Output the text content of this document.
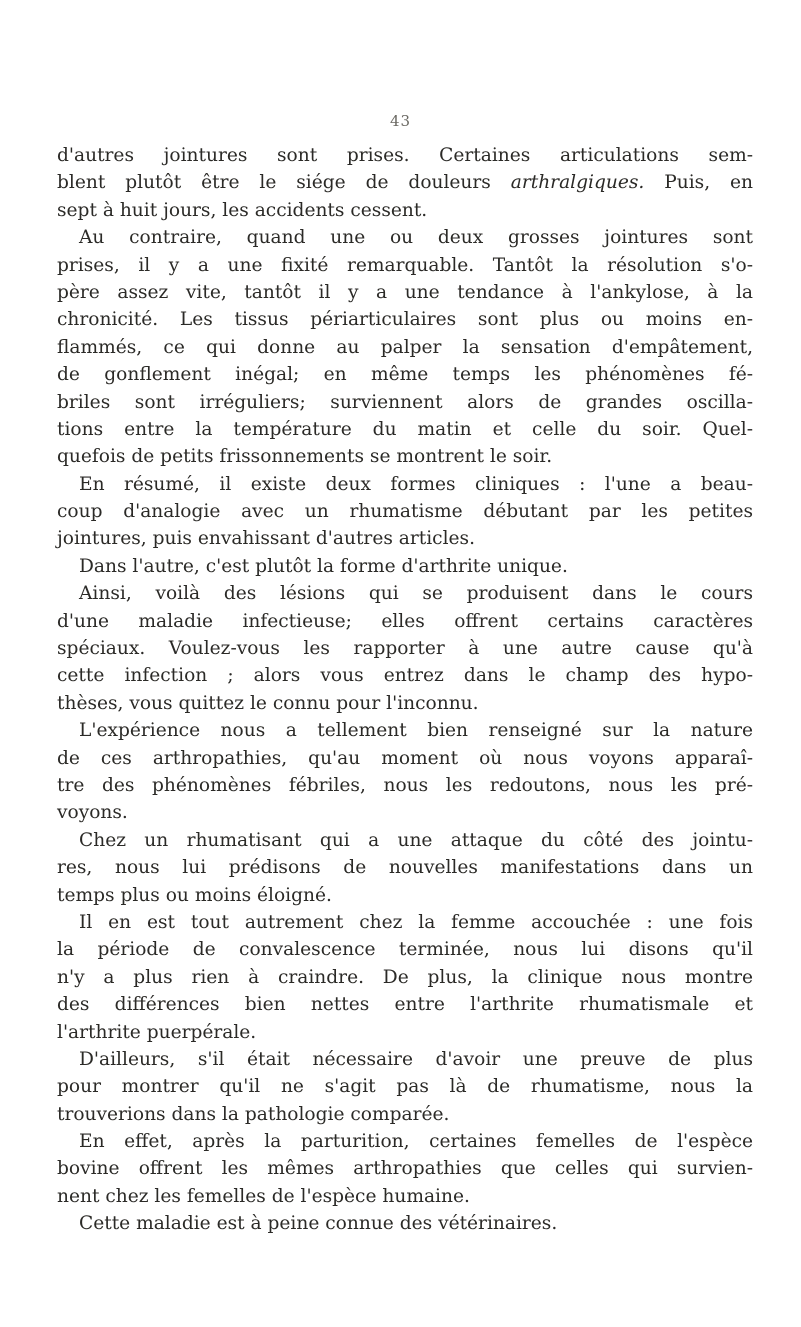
43
d'autres jointures sont prises. Certaines articulations sem-
blent plutôt être le siége de douleurs arthralgiques. Puis, en
sept à huit jours, les accidents cessent.
Au contraire, quand une ou deux grosses jointures sont
prises, il y a une fixité remarquable. Tantôt la résolution s'o-
père assez vite, tantôt il y a une tendance à l'ankylose, à la
chronicité. Les tissus périarticulaires sont plus ou moins en-
flammés, ce qui donne au palper la sensation d'empâtement,
de gonflement inégal; en même temps les phénomènes fé-
briles sont irréguliers; surviennent alors de grandes oscilla-
tions entre la température du matin et celle du soir. Quel-
quefois de petits frissonnements se montrent le soir.
En résumé, il existe deux formes cliniques : l'une a beau-
coup d'analogie avec un rhumatisme débutant par les petites
jointures, puis envahissant d'autres articles.
Dans l'autre, c'est plutôt la forme d'arthrite unique.
Ainsi, voilà des lésions qui se produisent dans le cours
d'une maladie infectieuse; elles offrent certains caractères
spéciaux. Voulez-vous les rapporter à une autre cause qu'à
cette infection ; alors vous entrez dans le champ des hypo-
thèses, vous quittez le connu pour l'inconnu.
L'expérience nous a tellement bien renseigné sur la nature
de ces arthropathies, qu'au moment où nous voyons apparaî-
tre des phénomènes fébriles, nous les redoutons, nous les pré-
voyons.
Chez un rhumatisant qui a une attaque du côté des jointu-
res, nous lui prédisons de nouvelles manifestations dans un
temps plus ou moins éloigné.
Il en est tout autrement chez la femme accouchée : une fois
la période de convalescence terminée, nous lui disons qu'il
n'y a plus rien à craindre. De plus, la clinique nous montre
des différences bien nettes entre l'arthrite rhumatismale et
l'arthrite puerpérale.
D'ailleurs, s'il était nécessaire d'avoir une preuve de plus
pour montrer qu'il ne s'agit pas là de rhumatisme, nous la
trouverions dans la pathologie comparée.
En effet, après la parturition, certaines femelles de l'espèce
bovine offrent les mêmes arthropathies que celles qui survien-
nent chez les femelles de l'espèce humaine.
Cette maladie est à peine connue des vétérinaires.
